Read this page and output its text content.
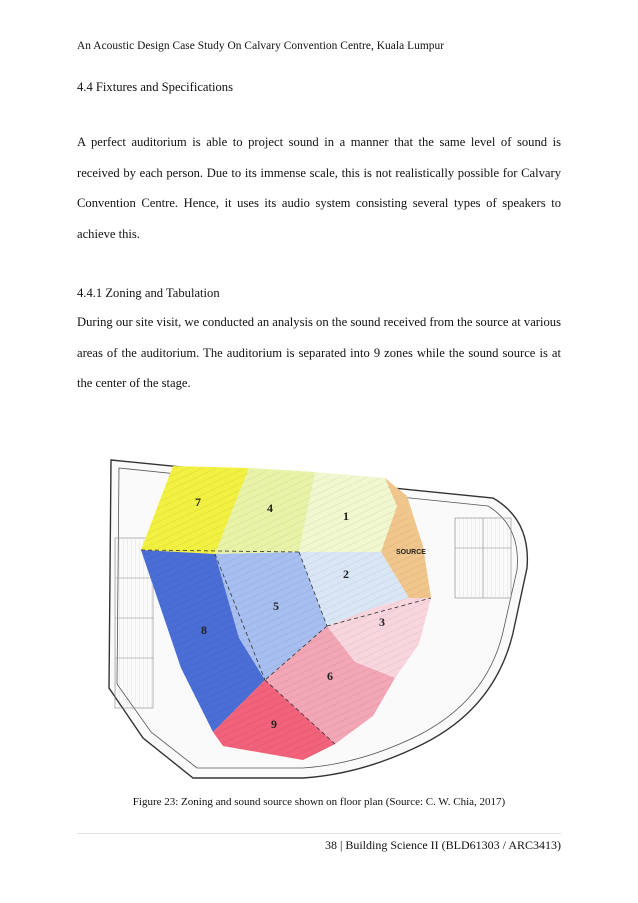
An Acoustic Design Case Study On Calvary Convention Centre, Kuala Lumpur
4.4 Fixtures and Specifications

A perfect auditorium is able to project sound in a manner that the same level of sound is received by each person. Due to its immense scale, this is not realistically possible for Calvary Convention Centre. Hence, it uses its audio system consisting several types of speakers to achieve this.

4.4.1 Zoning and Tabulation

During our site visit, we conducted an analysis on the sound received from the source at various areas of the auditorium. The auditorium is separated into 9 zones while the sound source is at the center of the stage.

7	4
1
SOURCE
2
5
3
8
6
9
Figure 23: Zoning and sound source shown on floor plan (Source: C. W. Chia, 2017)
38 | Building Science II (BLD61303 / ARC3413)
